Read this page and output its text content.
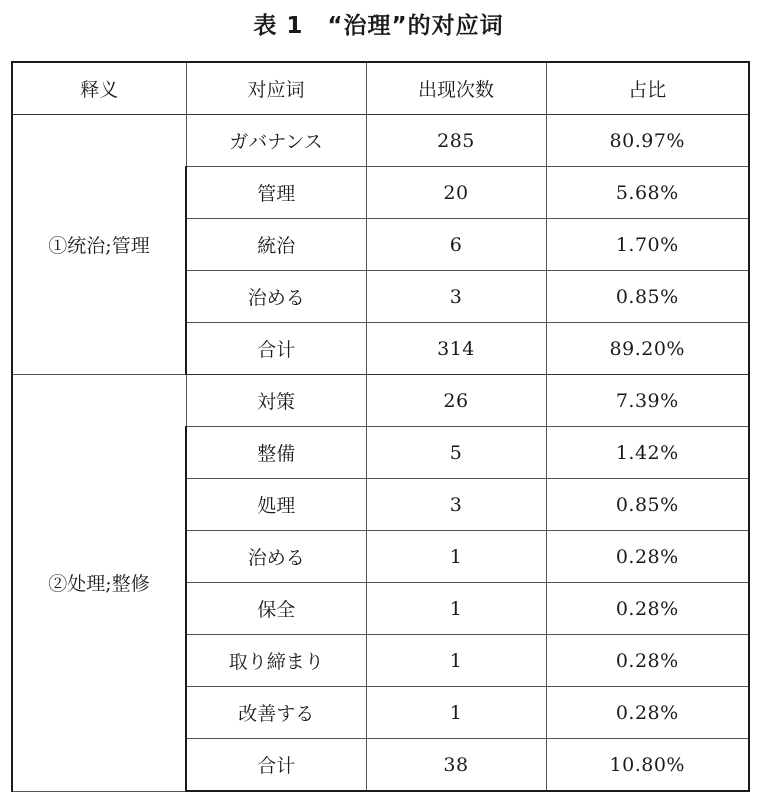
表 1　“治理”的对应词
释义	对应词	出现次数	占比
①统治;管理	ガバナンス	285	80.97%
	管理	20	5.68%
	統治	6	1.70%
	治める	3	0.85%
	合计	314	89.20%
②处理;整修	対策	26	7.39%
	整備	5	1.42%
	処理	3	0.85%
	治める	1	0.28%
	保全	1	0.28%
	取り締まり	1	0.28%
	改善する	1	0.28%
	合计	38	10.80%
